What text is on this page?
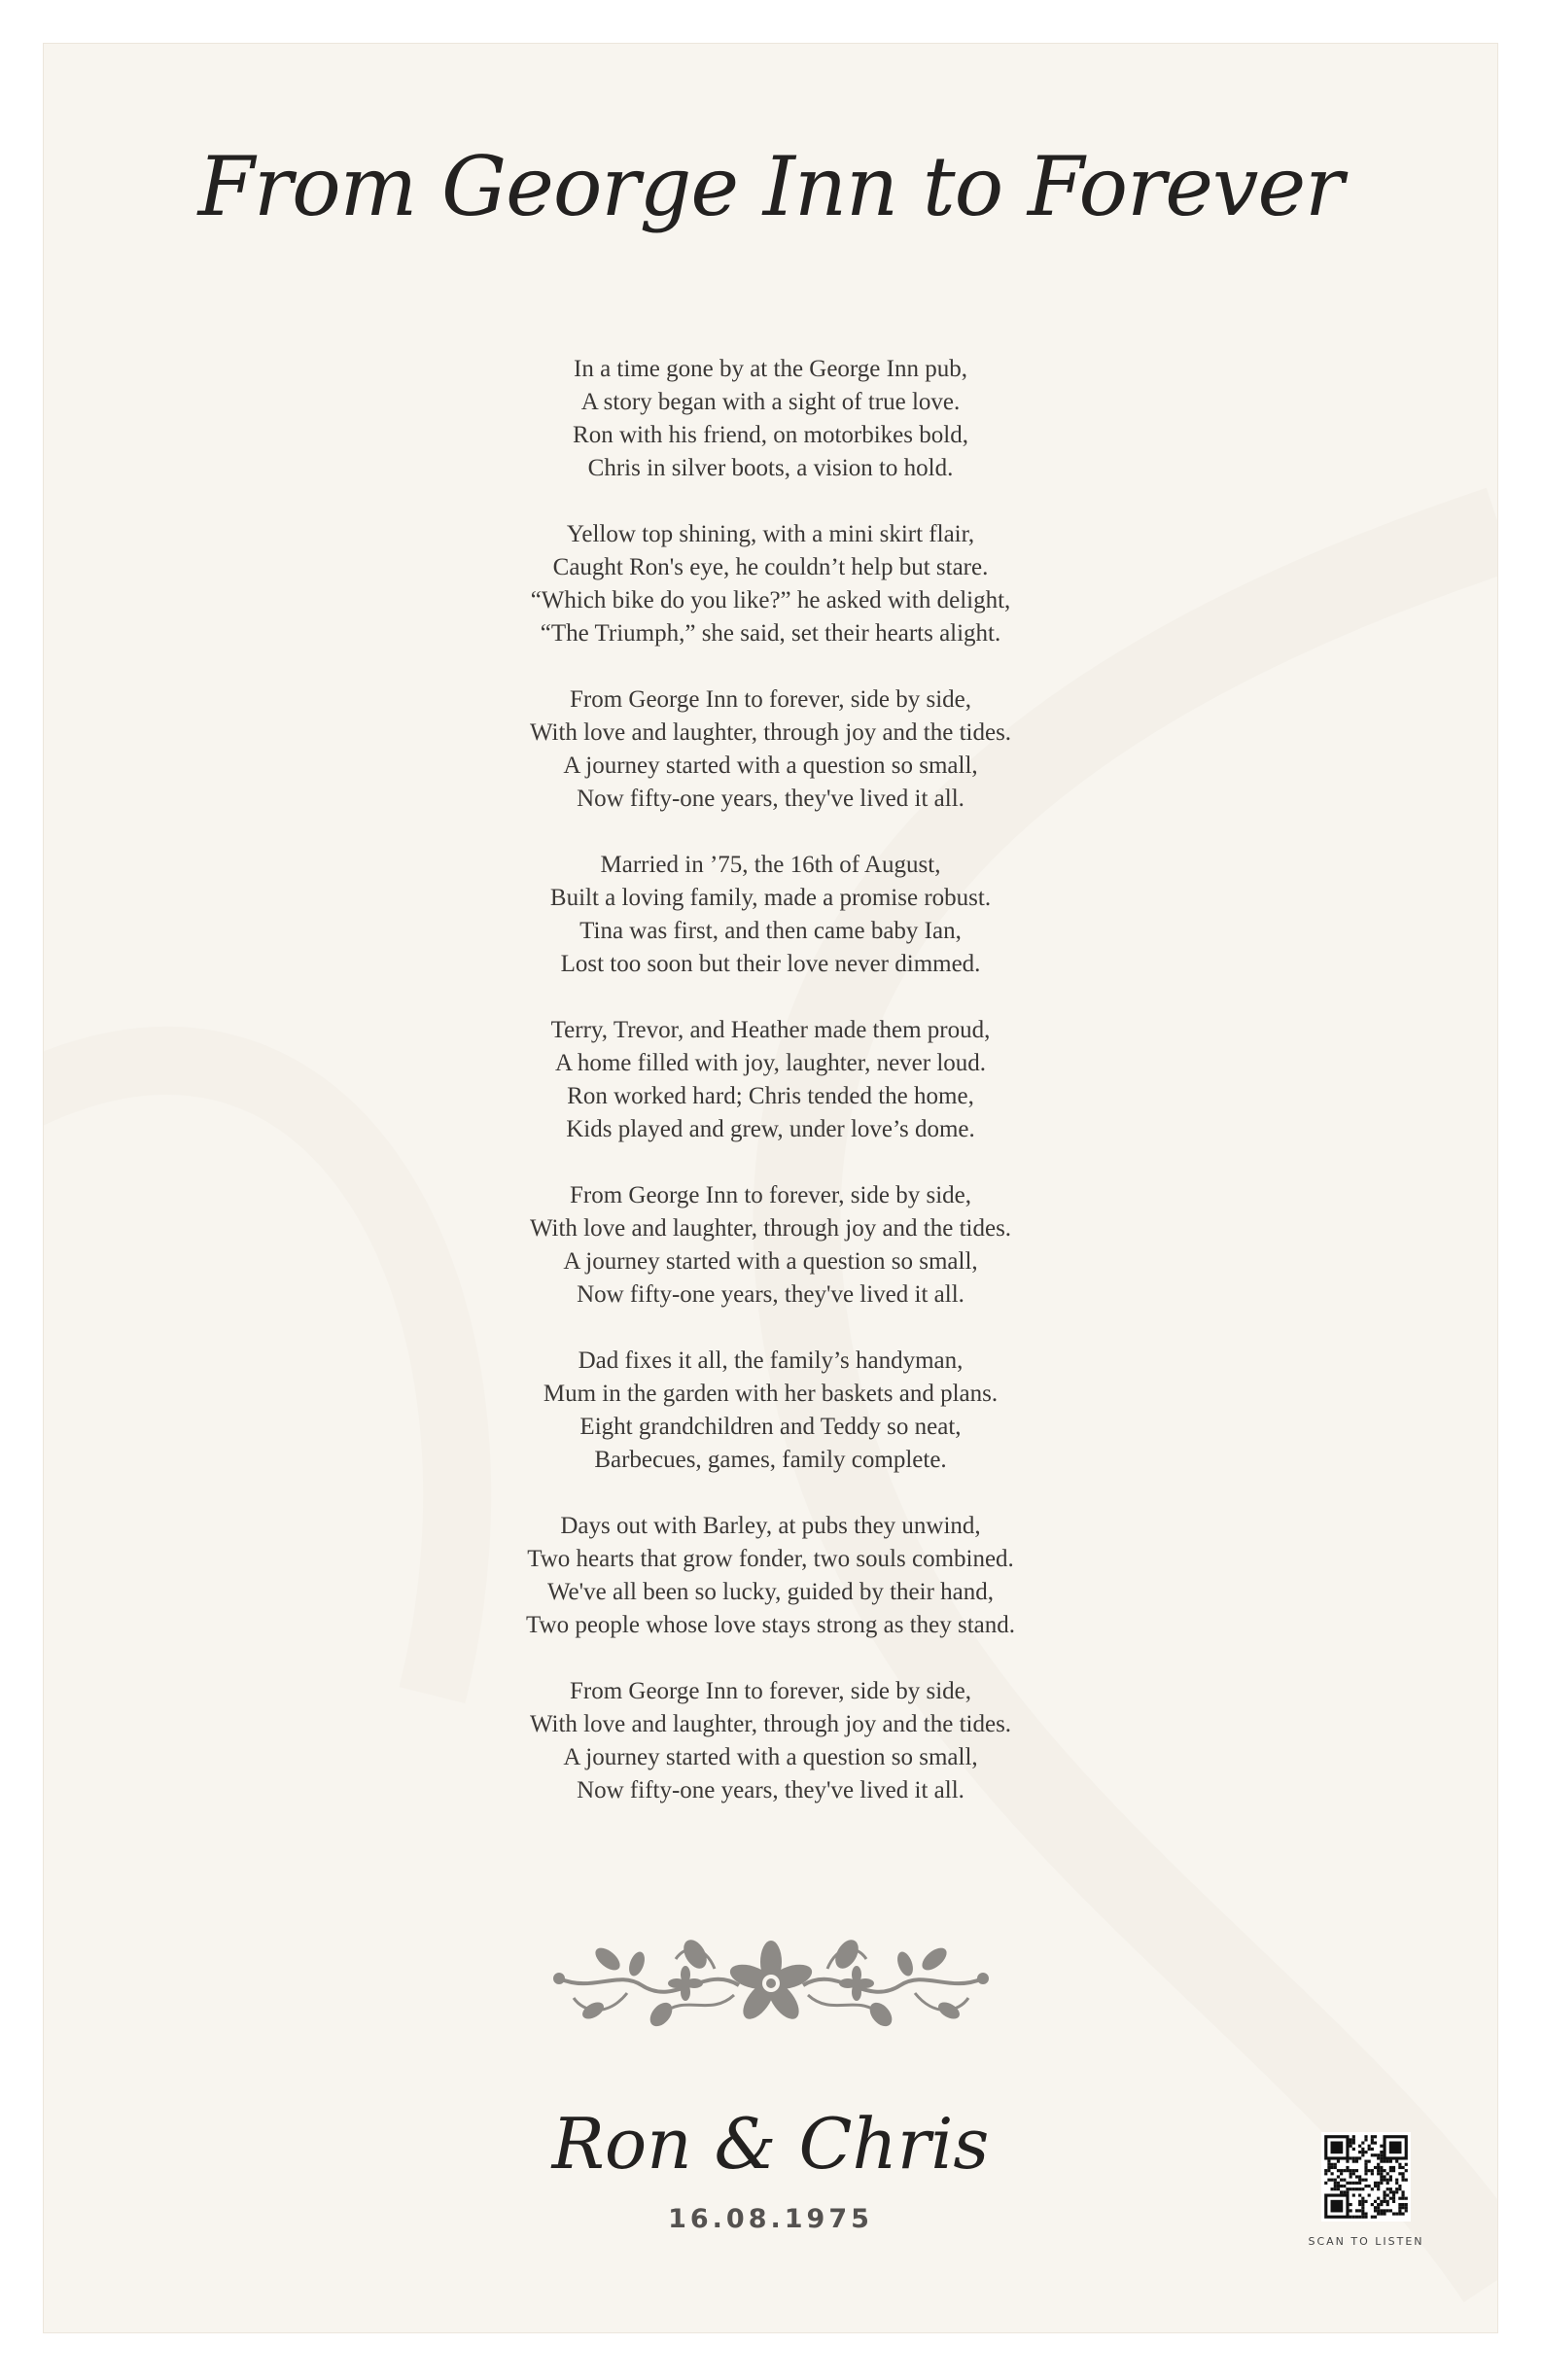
From George Inn to Forever
In a time gone by at the George Inn pub,
A story began with a sight of true love.
Ron with his friend, on motorbikes bold,
Chris in silver boots, a vision to hold.
Yellow top shining, with a mini skirt flair,
Caught Ron's eye, he couldn’t help but stare.
“Which bike do you like?” he asked with delight,
“The Triumph,” she said, set their hearts alight.
From George Inn to forever, side by side,
With love and laughter, through joy and the tides.
A journey started with a question so small,
Now fifty-one years, they've lived it all.
Married in ’75, the 16th of August,
Built a loving family, made a promise robust.
Tina was first, and then came baby Ian,
Lost too soon but their love never dimmed.
Terry, Trevor, and Heather made them proud,
A home filled with joy, laughter, never loud.
Ron worked hard; Chris tended the home,
Kids played and grew, under love’s dome.
From George Inn to forever, side by side,
With love and laughter, through joy and the tides.
A journey started with a question so small,
Now fifty-one years, they've lived it all.
Dad fixes it all, the family’s handyman,
Mum in the garden with her baskets and plans.
Eight grandchildren and Teddy so neat,
Barbecues, games, family complete.
Days out with Barley, at pubs they unwind,
Two hearts that grow fonder, two souls combined.
We've all been so lucky, guided by their hand,
Two people whose love stays strong as they stand.
From George Inn to forever, side by side,
With love and laughter, through joy and the tides.
A journey started with a question so small,
Now fifty-one years, they've lived it all.
Ron & Chris
16.08.1975
SCAN TO LISTEN
